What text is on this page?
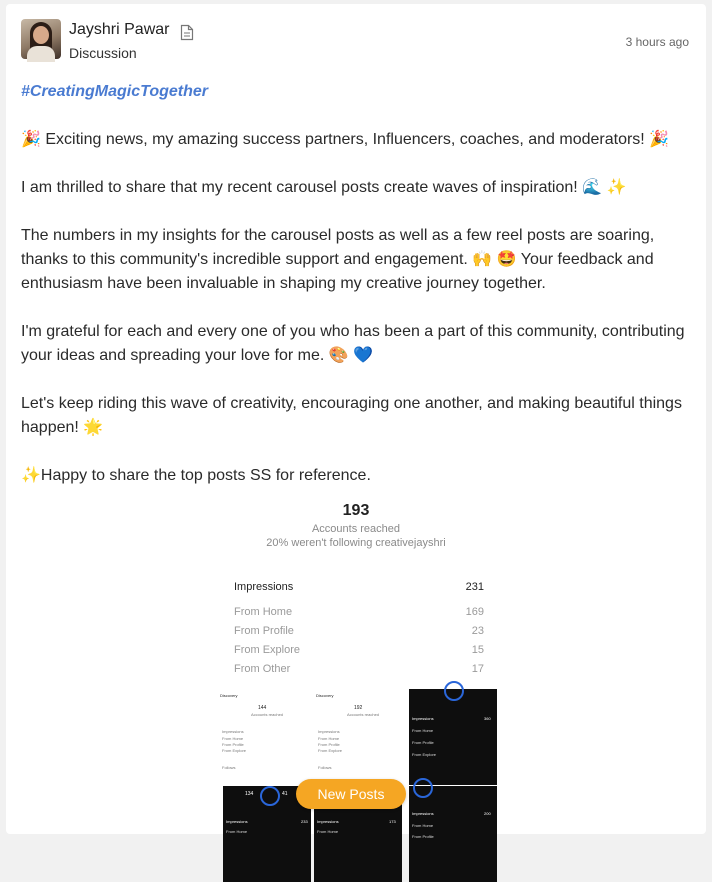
Jayshri Pawar
Discussion
3 hours ago
#CreatingMagicTogether

🎉 Exciting news, my amazing success partners, Influencers, coaches, and moderators! 🎉

I am thrilled to share that my recent carousel posts create waves of inspiration! 🌊 ✨

The numbers in my insights for the carousel posts as well as a few reel posts are soaring, thanks to this community's incredible support and engagement. 🙌 🤩 Your feedback and enthusiasm have been invaluable in shaping my creative journey together.

I'm grateful for each and every one of you who has been a part of this community, contributing your ideas and spreading your love for me. 🎨 💙

Let's keep riding this wave of creativity, encouraging one another, and making beautiful things happen! 🌟

✨Happy to share the top posts SS for reference.

193
Accounts reached
20% weren't following creativejayshri
Impressions	231
From Home	169
From Profile	23
From Explore	15
From Other	17
Discovery
144
Accounts reached
Impressions
From Home
From Profile
From Explore
Follows
Discovery
192
Accounts reached
Impressions
From Home
From Profile
From Explore
Follows
Impressions	360
From Home
From Profile
From Explore
134	41
Impressions	233
From Home
Impressions	173
From Home
200
Impressions
From Home
From Profile
New Posts
